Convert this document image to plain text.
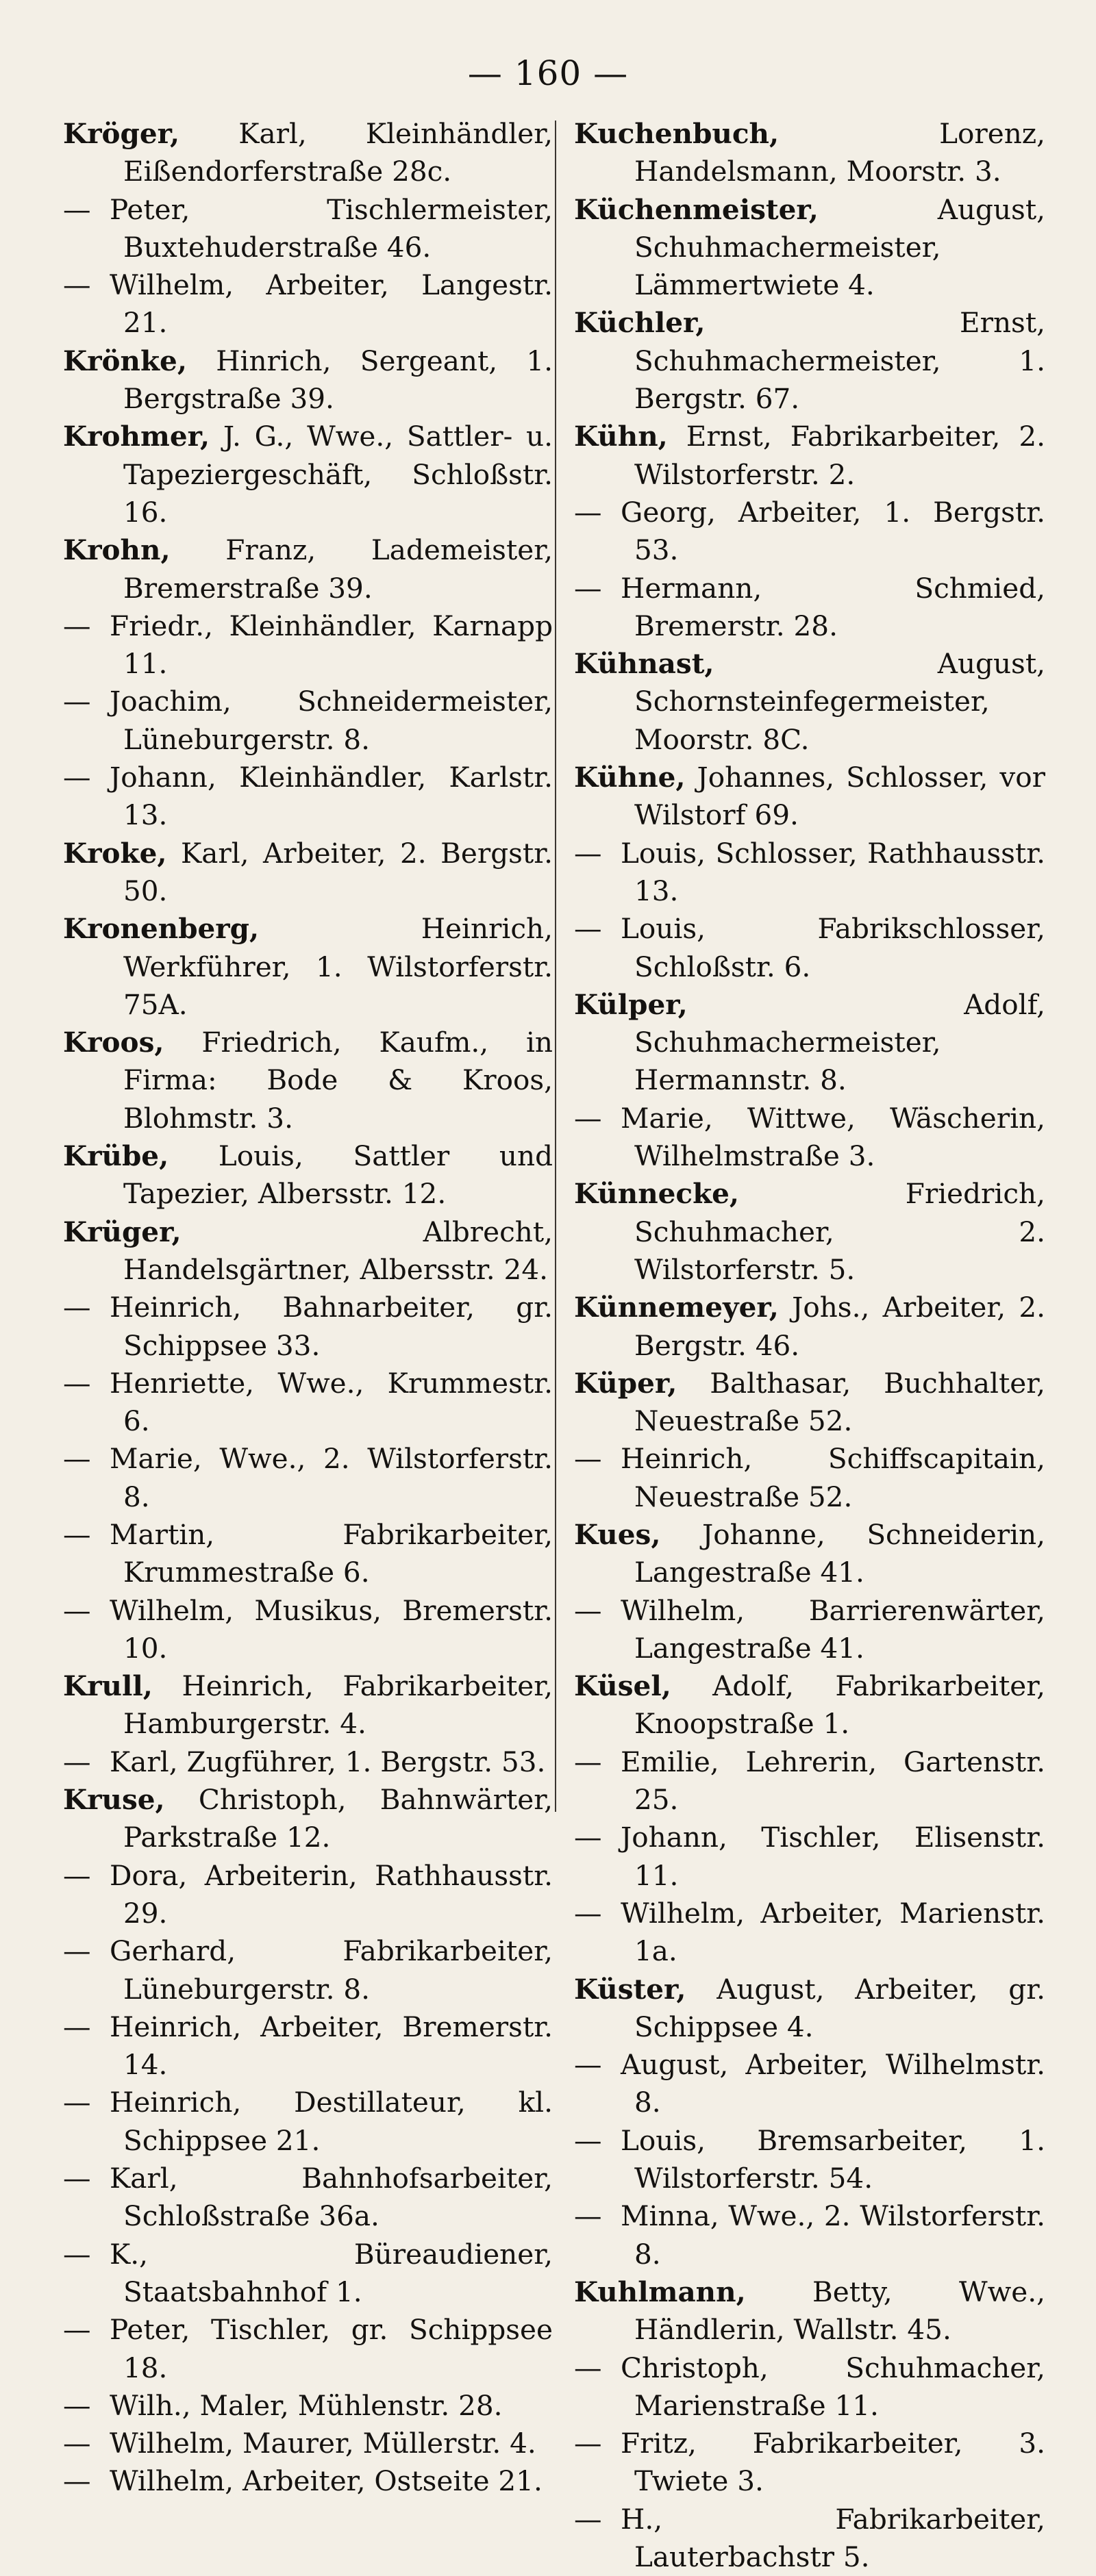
— 160 —
Kröger, Karl, Kleinhändler, Eißendorferstraße 28c.
— Peter, Tischlermeister, Buxtehuderstraße 46.
— Wilhelm, Arbeiter, Langestr. 21.
Krönke, Hinrich, Sergeant, 1. Bergstraße 39.
Krohmer, J. G., Wwe., Sattler- u. Tapeziergeschäft, Schloßstr. 16.
Krohn, Franz, Lademeister, Bremerstraße 39.
— Friedr., Kleinhändler, Karnapp 11.
— Joachim, Schneidermeister, Lüneburgerstr. 8.
— Johann, Kleinhändler, Karlstr. 13.
Kroke, Karl, Arbeiter, 2. Bergstr. 50.
Kronenberg,	Heinrich, Werkführer, 1. Wilstorferstr. 75A.
Kroos, Friedrich, Kaufm., in Firma: Bode & Kroos, Blohmstr. 3.
Krübe, Louis, Sattler und Tapezier, Albersstr. 12.
Krüger,	Albrecht, Handelsgärtner, Albersstr. 24.
— Heinrich, Bahnarbeiter, gr. Schippsee 33.
— Henriette, Wwe., Krummestr. 6.
— Marie, Wwe., 2. Wilstorferstr. 8.
— Martin, Fabrikarbeiter, Krummestraße 6.
— Wilhelm, Musikus, Bremerstr. 10.
Krull, Heinrich, Fabrikarbeiter, Hamburgerstr. 4.
— Karl, Zugführer, 1. Bergstr. 53.
Kruse, Christoph, Bahnwärter, Parkstraße 12.
— Dora, Arbeiterin, Rathhausstr. 29.
— Gerhard, Fabrikarbeiter, Lüneburgerstr. 8.
— Heinrich, Arbeiter, Bremerstr. 14.
— Heinrich, Destillateur, kl. Schippsee 21.
— Karl, Bahnhofsarbeiter, Schloßstraße 36a.
— K., Büreaudiener, Staatsbahnhof 1.
— Peter, Tischler, gr. Schippsee 18.
— Wilh., Maler, Mühlenstr. 28.
— Wilhelm, Maurer, Müllerstr. 4.
— Wilhelm, Arbeiter, Ostseite 21.
Kuchenbuch,	Lorenz, Handelsmann, Moorstr. 3.
Küchenmeister,	August, Schuhmachermeister, Lämmertwiete 4.
Küchler,	Ernst, Schuhmachermeister, 1. Bergstr. 67.
Kühn, Ernst, Fabrikarbeiter, 2. Wilstorferstr. 2.
— Georg, Arbeiter, 1. Bergstr. 53.
— Hermann, Schmied, Bremerstr. 28.
Kühnast,	August, Schornsteinfegermeister, Moorstr. 8C.
Kühne, Johannes, Schlosser, vor Wilstorf 69.
— Louis, Schlosser, Rathhausstr. 13.
— Louis, Fabrikschlosser, Schloßstr. 6.
Külper,	Adolf, Schuhmachermeister, Hermannstr. 8.
— Marie, Wittwe, Wäscherin, Wilhelmstraße 3.
Künnecke,	Friedrich, Schuhmacher, 2. Wilstorferstr. 5.
Künnemeyer, Johs., Arbeiter, 2. Bergstr. 46.
Küper, Balthasar, Buchhalter, Neuestraße 52.
— Heinrich, Schiffscapitain, Neuestraße 52.
Kues, Johanne, Schneiderin, Langestraße 41.
— Wilhelm, Barrierenwärter, Langestraße 41.
Küsel, Adolf, Fabrikarbeiter, Knoopstraße 1.
— Emilie, Lehrerin, Gartenstr. 25.
— Johann, Tischler, Elisenstr. 11.
— Wilhelm, Arbeiter, Marienstr. 1a.
Küster, August, Arbeiter, gr. Schippsee 4.
— August, Arbeiter, Wilhelmstr. 8.
— Louis, Bremsarbeiter, 1. Wilstorferstr. 54.
— Minna, Wwe., 2. Wilstorferstr. 8.
Kuhlmann, Betty, Wwe., Händlerin, Wallstr. 45.
— Christoph, Schuhmacher, Marienstraße 11.
— Fritz, Fabrikarbeiter, 3. Twiete 3.
— H., Fabrikarbeiter, Lauterbachstr 5.
